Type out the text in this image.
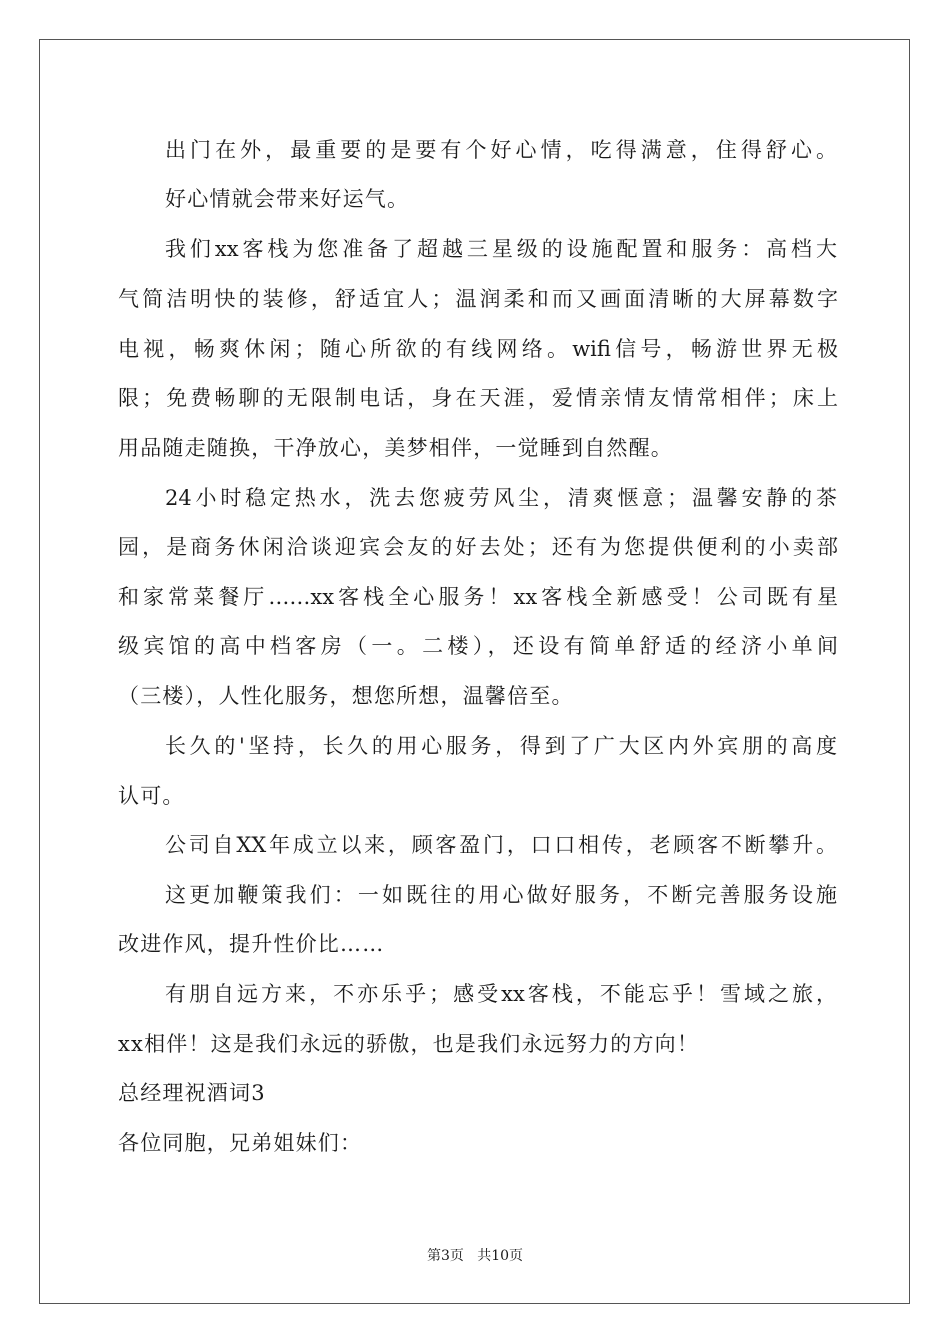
出门在外，最重要的是要有个好心情，吃得满意，住得舒心。
好心情就会带来好运气。
我们xx客栈为您准备了超越三星级的设施配置和服务：高档大
气简洁明快的装修，舒适宜人；温润柔和而又画面清晰的大屏幕数字
电视，畅爽休闲；随心所欲的有线网络。wifi信号，畅游世界无极
限；免费畅聊的无限制电话，身在天涯，爱情亲情友情常相伴；床上
用品随走随换，干净放心，美梦相伴，一觉睡到自然醒。
24小时稳定热水，洗去您疲劳风尘，清爽惬意；温馨安静的茶
园，是商务休闲洽谈迎宾会友的好去处；还有为您提供便利的小卖部
和家常菜餐厅……xx客栈全心服务！xx客栈全新感受！公司既有星
级宾馆的高中档客房（一。二楼），还设有简单舒适的经济小单间
（三楼），人性化服务，想您所想，温馨倍至。
长久的'坚持，长久的用心服务，得到了广大区内外宾朋的高度
认可。
公司自XX年成立以来，顾客盈门，口口相传，老顾客不断攀升。
这更加鞭策我们：一如既往的用心做好服务，不断完善服务设施
改进作风，提升性价比……
有朋自远方来，不亦乐乎；感受xx客栈，不能忘乎！雪域之旅，
xx相伴！这是我们永远的骄傲，也是我们永远努力的方向！
总经理祝酒词3
各位同胞，兄弟姐妹们：
第3页   共10页
